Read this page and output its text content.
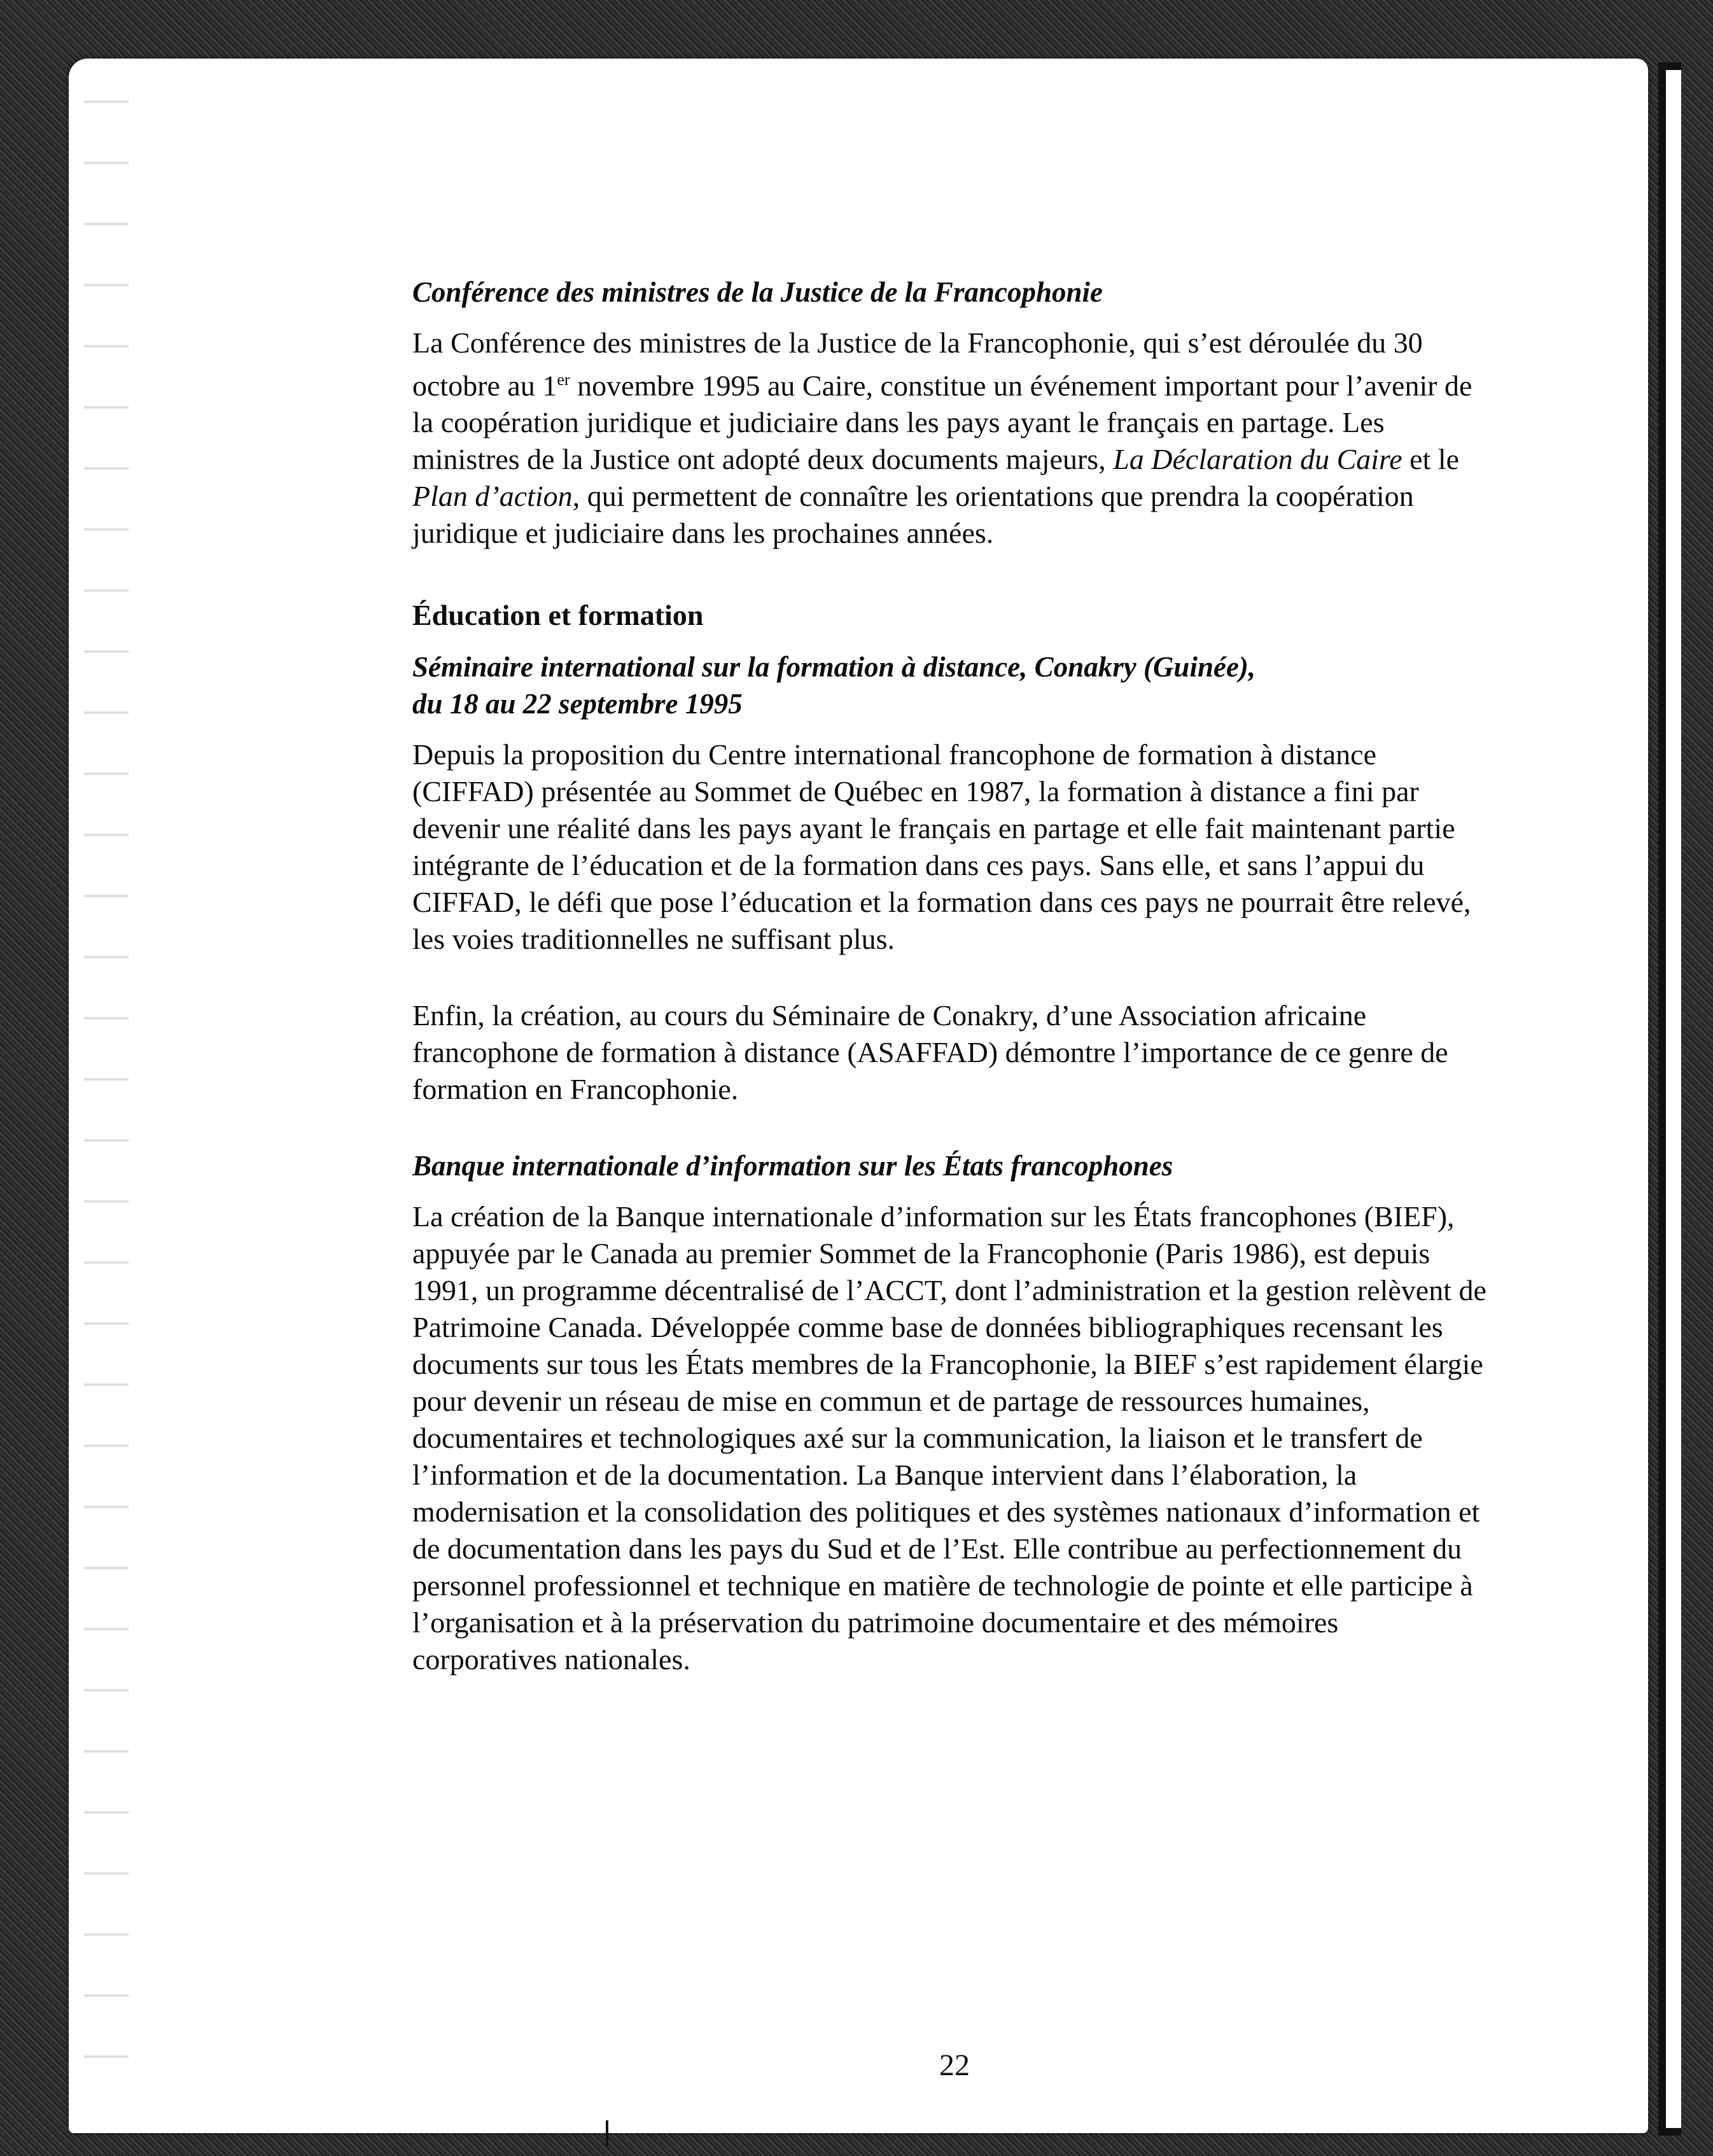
Conférence des ministres de la Justice de la Francophonie

La Conférence des ministres de la Justice de la Francophonie, qui s’est déroulée du 30 octobre au 1er novembre 1995 au Caire, constitue un événement important pour l’avenir de la coopération juridique et judiciaire dans les pays ayant le français en partage. Les ministres de la Justice ont adopté deux documents majeurs, La Déclaration du Caire et le Plan d’action, qui permettent de connaître les orientations que prendra la coopération juridique et judiciaire dans les prochaines années.

Éducation et formation
Séminaire international sur la formation à distance, Conakry (Guinée),
du 18 au 22 septembre 1995

Depuis la proposition du Centre international francophone de formation à distance (CIFFAD) présentée au Sommet de Québec en 1987, la formation à distance a fini par devenir une réalité dans les pays ayant le français en partage et elle fait maintenant partie intégrante de l’éducation et de la formation dans ces pays. Sans elle, et sans l’appui du CIFFAD, le défi que pose l’éducation et la formation dans ces pays ne pourrait être relevé, les voies traditionnelles ne suffisant plus.

Enfin, la création, au cours du Séminaire de Conakry, d’une Association africaine francophone de formation à distance (ASAFFAD) démontre l’importance de ce genre de formation en Francophonie.

Banque internationale d’information sur les États francophones

La création de la Banque internationale d’information sur les États francophones (BIEF), appuyée par le Canada au premier Sommet de la Francophonie (Paris 1986), est depuis 1991, un programme décentralisé de l’ACCT, dont l’administration et la gestion relèvent de Patrimoine Canada. Développée comme base de données bibliographiques recensant les documents sur tous les États membres de la Francophonie, la BIEF s’est rapidement élargie pour devenir un réseau de mise en commun et de partage de ressources humaines, documentaires et technologiques axé sur la communication, la liaison et le transfert de l’information et de la documentation. La Banque intervient dans l’élaboration, la modernisation et la consolidation des politiques et des systèmes nationaux d’information et de documentation dans les pays du Sud et de l’Est. Elle contribue au perfectionnement du personnel professionnel et technique en matière de technologie de pointe et elle participe à l’organisation et à la préservation du patrimoine documentaire et des mémoires corporatives nationales.

22
